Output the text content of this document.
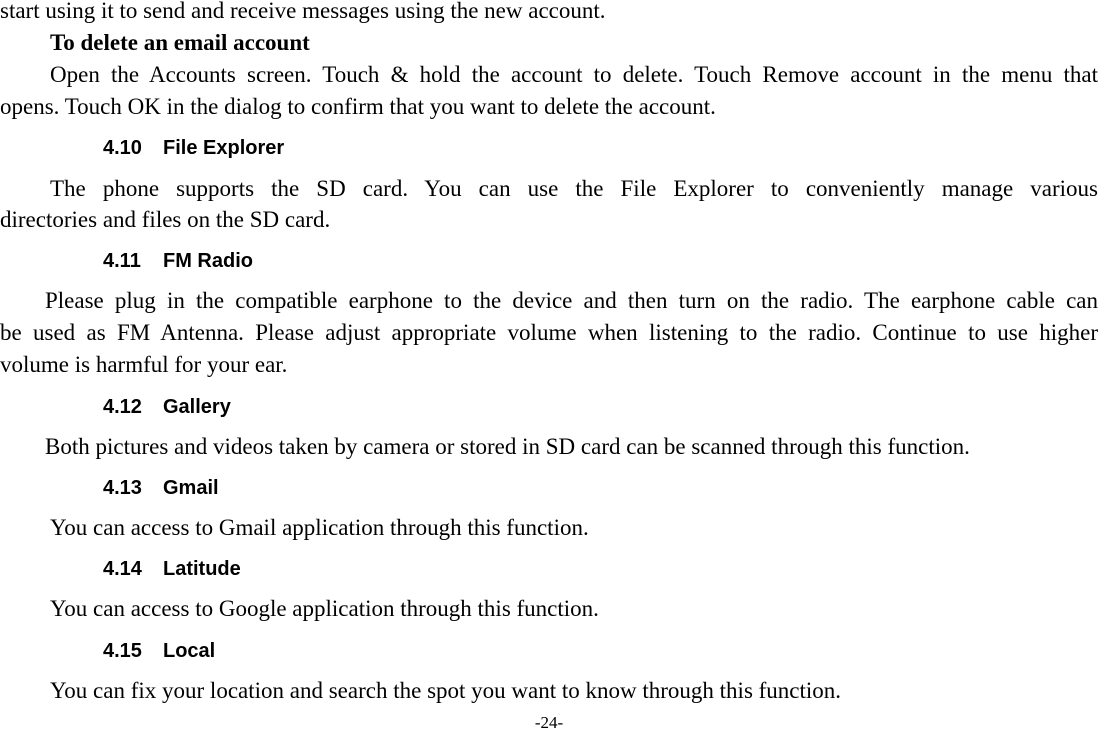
start using it to send and receive messages using the new account.
To delete an email account
Open the Accounts screen. Touch & hold the account to delete. Touch Remove account in the menu that
opens. Touch OK in the dialog to confirm that you want to delete the account.
4.10 File Explorer
The phone supports the SD card. You can use the File Explorer to conveniently manage various
directories and files on the SD card.
4.11 FM Radio
Please plug in the compatible earphone to the device and then turn on the radio. The earphone cable can
be used as FM Antenna. Please adjust appropriate volume when listening to the radio. Continue to use higher
volume is harmful for your ear.
4.12 Gallery
Both pictures and videos taken by camera or stored in SD card can be scanned through this function.
4.13 Gmail
You can access to Gmail application through this function.
4.14 Latitude
You can access to Google application through this function.
4.15 Local
You can fix your location and search the spot you want to know through this function.
-24-
